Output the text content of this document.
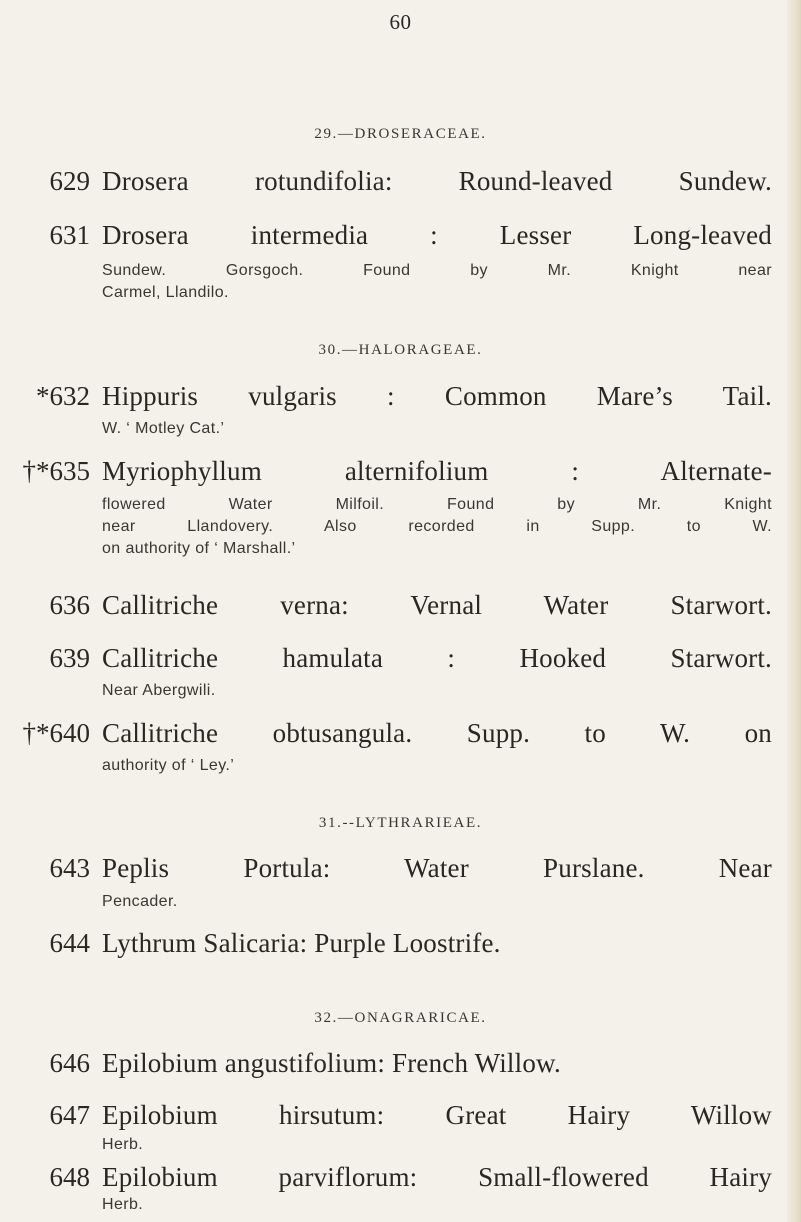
60
29.—DROSERACEAE.
629 Drosera rotundifolia: Round-leaved Sundew.
631 Drosera intermedia : Lesser Long-leaved
Sundew. Gorsgoch. Found by Mr. Knight near
Carmel, Llandilo.
30.—HALORAGEAE.
*632 Hippuris vulgaris : Common Mare’s Tail.
W. ‘ Motley Cat.’
†*635 Myriophyllum alternifolium : Alternate-
flowered Water Milfoil. Found by Mr. Knight
near Llandovery. Also recorded in Supp. to W.
on authority of ‘ Marshall.’
636 Callitriche verna: Vernal Water Starwort.
639 Callitriche hamulata : Hooked Starwort.
Near Abergwili.
†*640 Callitriche obtusangula. Supp. to W. on
authority of ‘ Ley.’
31.--LYTHRARIEAE.
643 Peplis Portula: Water Purslane. Near
Pencader.
644 Lythrum Salicaria: Purple Loostrife.
32.—ONAGRARICAE.
646 Epilobium angustifolium: French Willow.
647 Epilobium hirsutum: Great Hairy Willow
Herb.
648 Epilobium parviflorum: Small-flowered Hairy
Herb.
